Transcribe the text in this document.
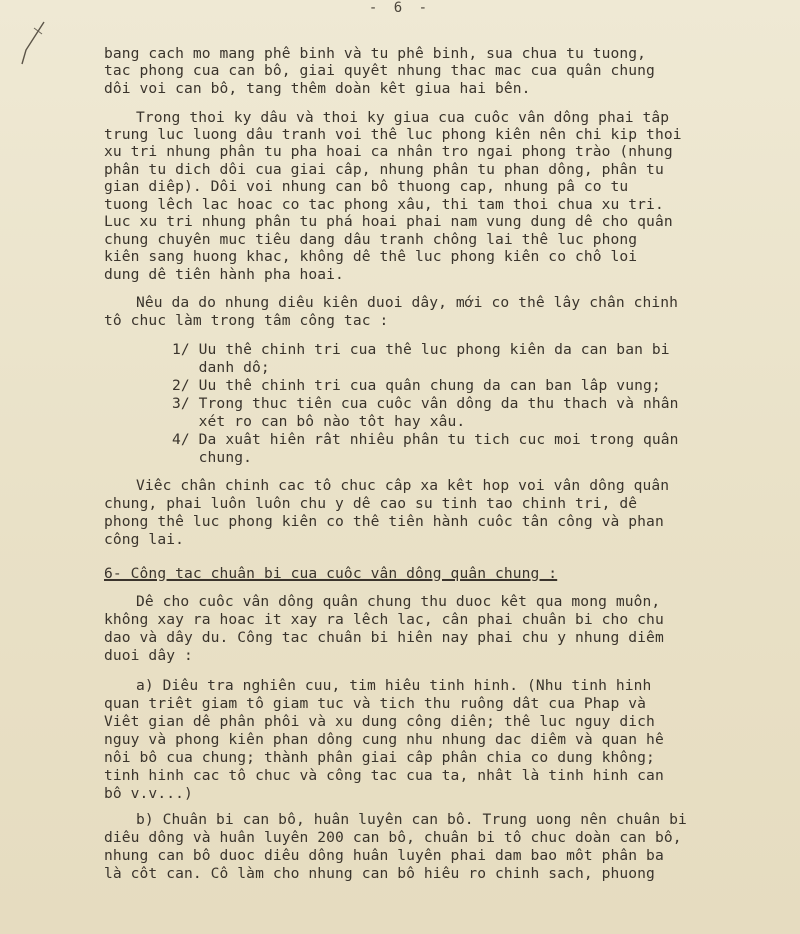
- 6 -
bang cach mo mang phê binh và tu phê binh, sua chua tu tuong,
tac phong cua can bô, giai quyêt nhung thac mac cua quân chung
dôi voi can bô, tang thêm doàn kêt giua hai bên.
Trong thoi ky dâu và thoi ky giua cua cuôc vân dông phai tâp
trung luc luong dâu tranh voi thê luc phong kiên nên chi kip thoi
xu tri nhung phân tu pha hoai ca nhân tro ngai phong trào (nhung
phân tu dich dôi cua giai câp, nhung phân tu phan dông, phân tu
gian diêp). Dôi voi nhung can bô thuong cap, nhung pâ co tu
tuong lêch lac hoac co tac phong xâu, thi tam thoi chua xu tri.
Luc xu tri nhung phân tu phá hoai phai nam vung dung dê cho quân
chung chuyên muc tiêu dang dâu tranh chông lai thê luc phong
kiên sang huong khac, không dê thê luc phong kiên co chô loi
dung dê tiên hành pha hoai.
Nêu da do nhung diêu kiên duoi dây, mới co thê lây chân chinh
tô chuc làm trong tâm công tac :
1/ Uu thê chinh tri cua thê luc phong kiên da can ban bi
danh dô;
2/ Uu thê chinh tri cua quân chung da can ban lâp vung;
3/ Trong thuc tiên cua cuôc vân dông da thu thach và nhân
xét ro can bô nào tôt hay xâu.
4/ Da xuât hiên rât nhiêu phân tu tich cuc moi trong quân
chung.
Viêc chân chinh cac tô chuc câp xa kêt hop voi vân dông quân
chung, phai luôn luôn chu y dê cao su tinh tao chinh tri, dê
phong thê luc phong kiên co thê tiên hành cuôc tân công và phan
công lai.
6- Công tac chuân bi cua cuôc vân dông quân chung :
Dê cho cuôc vân dông quân chung thu duoc kêt qua mong muôn,
không xay ra hoac it xay ra lêch lac, cân phai chuân bi cho chu
dao và dây du. Công tac chuân bi hiên nay phai chu y nhung diêm
duoi dây :
a) Diêu tra nghiên cuu, tim hiêu tinh hinh. (Nhu tinh hinh
quan triêt giam tô giam tuc và tich thu ruông dât cua Phap và
Viêt gian dê phân phôi và xu dung công diên; thê luc nguy dich
nguy và phong kiên phan dông cung nhu nhung dac diêm và quan hê
nôi bô cua chung; thành phân giai câp phân chia co dung không;
tinh hinh cac tô chuc và công tac cua ta, nhât là tinh hinh can
bô v.v...)
b) Chuân bi can bô, huân luyên can bô. Trung uong nên chuân bi
diêu dông và huân luyên 200 can bô, chuân bi tô chuc doàn can bô,
nhung can bô duoc diêu dông huân luyên phai dam bao môt phân ba
là côt can. Cô làm cho nhung can bô hiêu ro chinh sach, phuong
